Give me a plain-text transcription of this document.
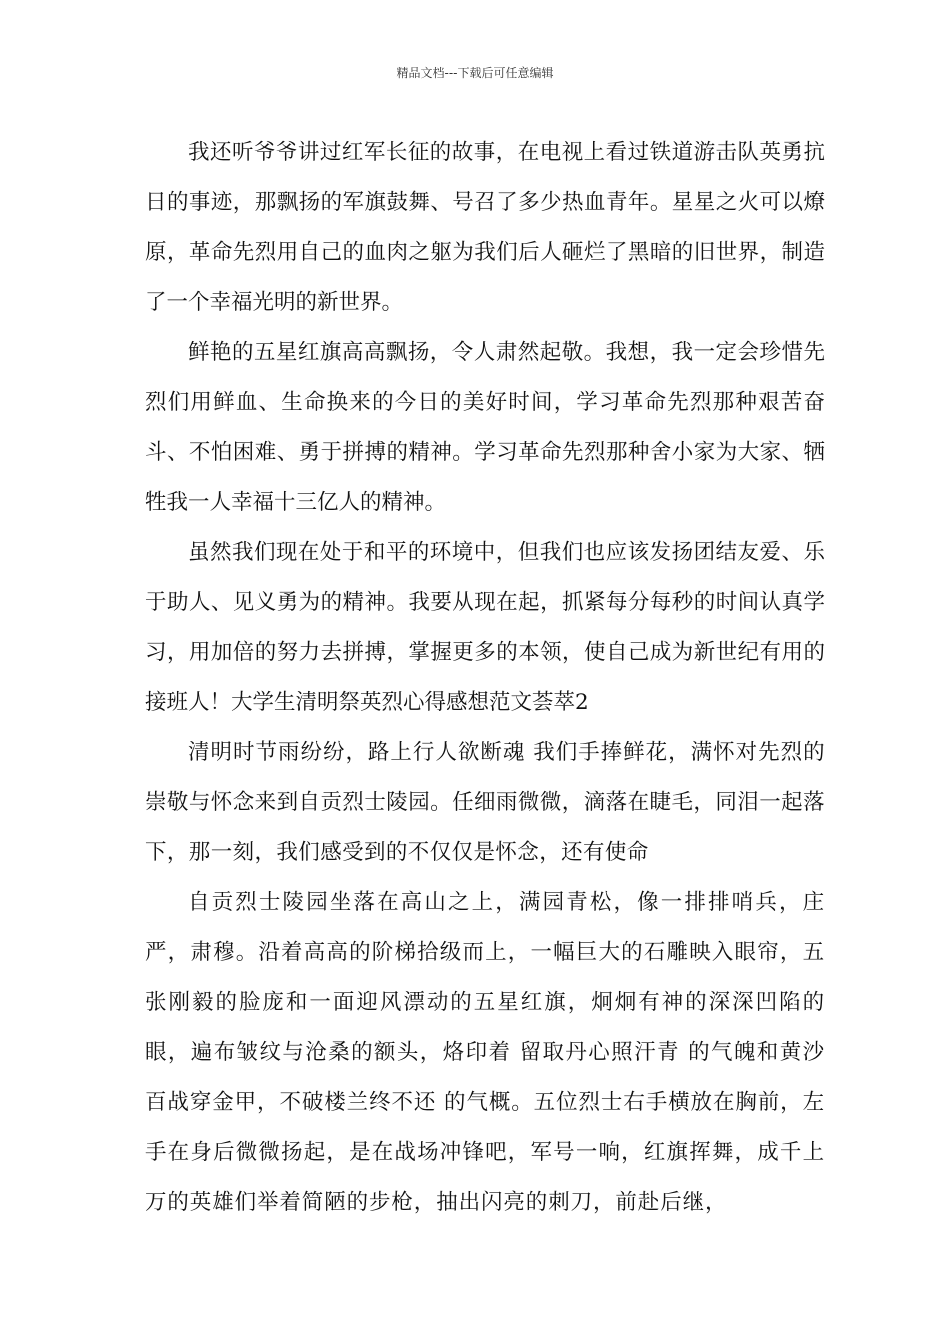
精品文档---下载后可任意编辑

我还听爷爷讲过红军长征的故事，在电视上看过铁道游击队英勇抗日的事迹，那飘扬的军旗鼓舞、号召了多少热血青年。星星之火可以燎原，革命先烈用自己的血肉之躯为我们后人砸烂了黑暗的旧世界，制造了一个幸福光明的新世界。

鲜艳的五星红旗高高飘扬，令人肃然起敬。我想，我一定会珍惜先烈们用鲜血、生命换来的今日的美好时间，学习革命先烈那种艰苦奋斗、不怕困难、勇于拼搏的精神。学习革命先烈那种舍小家为大家、牺牲我一人幸福十三亿人的精神。

虽然我们现在处于和平的环境中，但我们也应该发扬团结友爱、乐于助人、见义勇为的精神。我要从现在起，抓紧每分每秒的时间认真学习，用加倍的努力去拼搏，掌握更多的本领，使自己成为新世纪有用的接班人！大学生清明祭英烈心得感想范文荟萃2

清明时节雨纷纷，路上行人欲断魂 我们手捧鲜花，满怀对先烈的崇敬与怀念来到自贡烈士陵园。任细雨微微，滴落在睫毛，同泪一起落下，那一刻，我们感受到的不仅仅是怀念，还有使命

自贡烈士陵园坐落在高山之上，满园青松，像一排排哨兵，庄严，肃穆。沿着高高的阶梯拾级而上，一幅巨大的石雕映入眼帘，五张刚毅的脸庞和一面迎风漂动的五星红旗，炯炯有神的深深凹陷的眼，遍布皱纹与沧桑的额头，烙印着 留取丹心照汗青 的气魄和黄沙百战穿金甲，不破楼兰终不还 的气概。五位烈士右手横放在胸前，左手在身后微微扬起，是在战场冲锋吧，军号一响，红旗挥舞，成千上万的英雄们举着简陋的步枪，抽出闪亮的刺刀，前赴后继，
